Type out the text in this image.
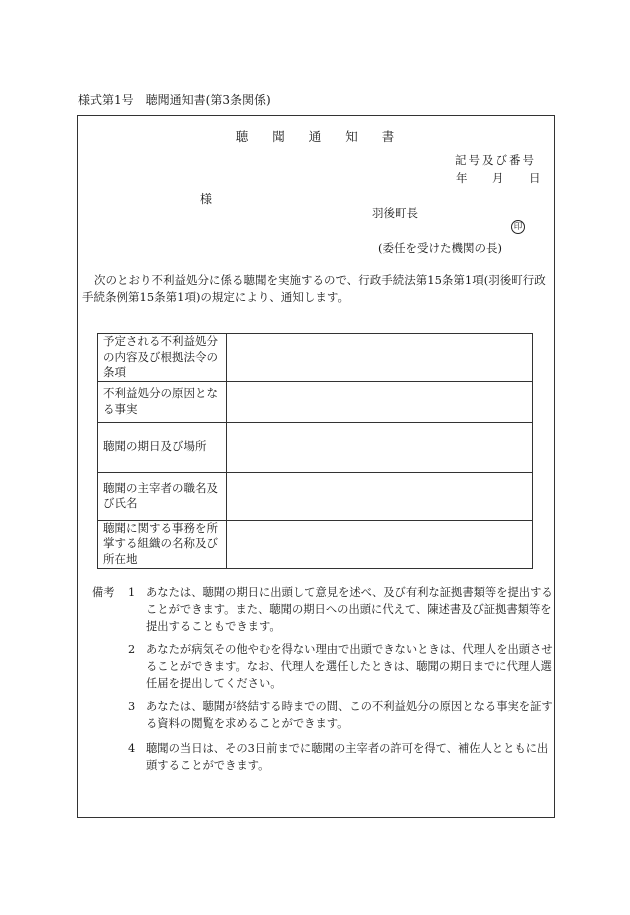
様式第1号　聴聞通知書(第3条関係)
聴 聞 通 知 書
記号及び番号
年 月 日
様
羽後町長
印
(委任を受けた機関の長)
次のとおり不利益処分に係る聴聞を実施するので、行政手続法第15条第1項(羽後町行政手続条例第15条第1項)の規定により、通知します。
予定される不利益処分の内容及び根拠法令の条項	
不利益処分の原因となる事実	
聴聞の期日及び場所	
聴聞の主宰者の職名及び氏名	
聴聞に関する事務を所掌する組織の名称及び所在地	
備考 1 あなたは、聴聞の期日に出頭して意見を述べ、及び有利な証拠書類等を提出することができます。また、聴聞の期日への出頭に代えて、陳述書及び証拠書類等を提出することもできます。
2 あなたが病気その他やむを得ない理由で出頭できないときは、代理人を出頭させることができます。なお、代理人を選任したときは、聴聞の期日までに代理人選任届を提出してください。
3 あなたは、聴聞が終結する時までの間、この不利益処分の原因となる事実を証する資料の閲覧を求めることができます。
4 聴聞の当日は、その3日前までに聴聞の主宰者の許可を得て、補佐人とともに出頭することができます。
